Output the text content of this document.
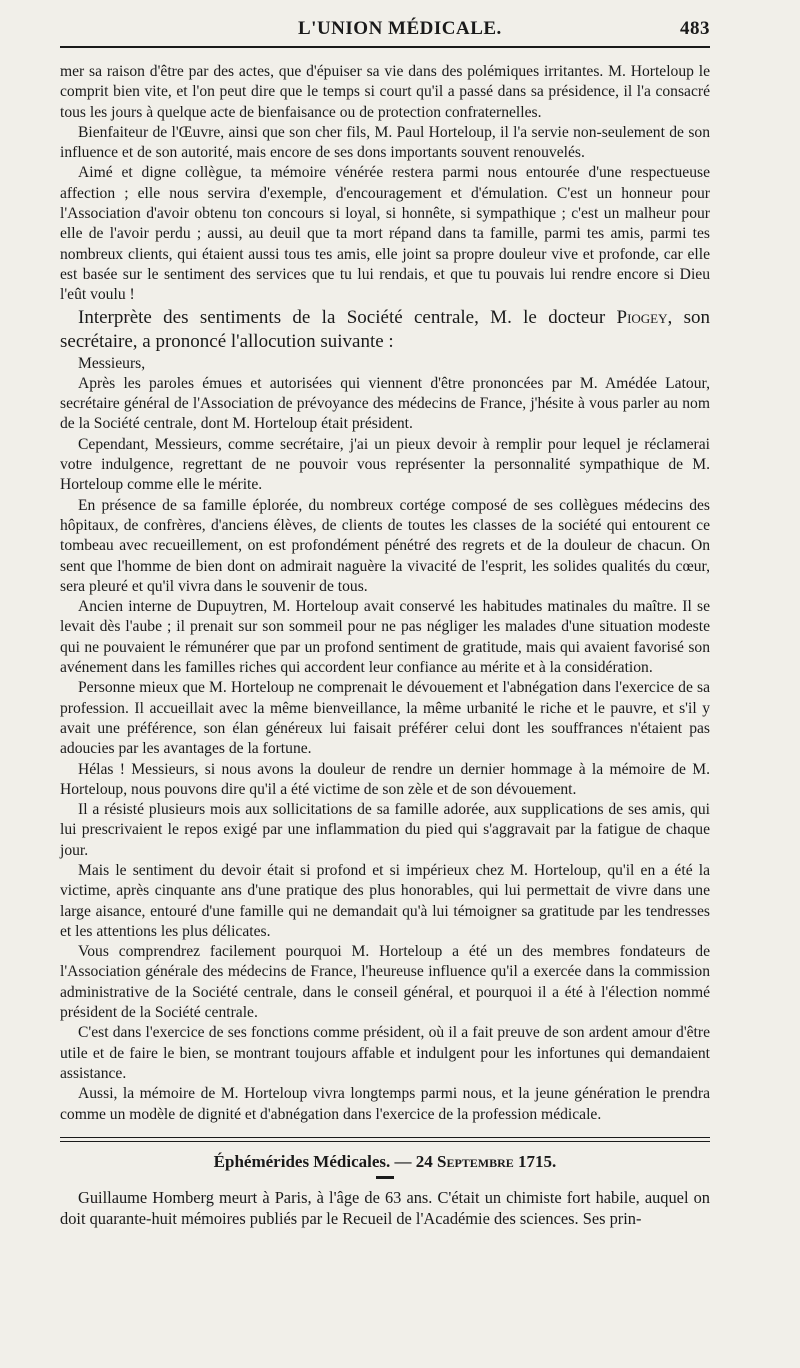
L'UNION MÉDICALE.	483

mer sa raison d'être par des actes, que d'épuiser sa vie dans des polémiques irritantes. M. Horteloup le comprit bien vite, et l'on peut dire que le temps si court qu'il a passé dans sa présidence, il l'a consacré tous les jours à quelque acte de bienfaisance ou de protection confraternelles.

Bienfaiteur de l'Œuvre, ainsi que son cher fils, M. Paul Horteloup, il l'a servie non-seulement de son influence et de son autorité, mais encore de ses dons importants souvent renouvelés.

Aimé et digne collègue, ta mémoire vénérée restera parmi nous entourée d'une respectueuse affection ; elle nous servira d'exemple, d'encouragement et d'émulation. C'est un honneur pour l'Association d'avoir obtenu ton concours si loyal, si honnête, si sympathique ; c'est un malheur pour elle de l'avoir perdu ; aussi, au deuil que ta mort répand dans ta famille, parmi tes amis, parmi tes nombreux clients, qui étaient aussi tous tes amis, elle joint sa propre douleur vive et profonde, car elle est basée sur le sentiment des services que tu lui rendais, et que tu pouvais lui rendre encore si Dieu l'eût voulu !

Interprète des sentiments de la Société centrale, M. le docteur Piogey, son secrétaire, a prononcé l'allocution suivante :

Messieurs,

Après les paroles émues et autorisées qui viennent d'être prononcées par M. Amédée Latour, secrétaire général de l'Association de prévoyance des médecins de France, j'hésite à vous parler au nom de la Société centrale, dont M. Horteloup était président.

Cependant, Messieurs, comme secrétaire, j'ai un pieux devoir à remplir pour lequel je réclamerai votre indulgence, regrettant de ne pouvoir vous représenter la personnalité sympathique de M. Horteloup comme elle le mérite.

En présence de sa famille éplorée, du nombreux cortége composé de ses collègues médecins des hôpitaux, de confrères, d'anciens élèves, de clients de toutes les classes de la société qui entourent ce tombeau avec recueillement, on est profondément pénétré des regrets et de la douleur de chacun. On sent que l'homme de bien dont on admirait naguère la vivacité de l'esprit, les solides qualités du cœur, sera pleuré et qu'il vivra dans le souvenir de tous.

Ancien interne de Dupuytren, M. Horteloup avait conservé les habitudes matinales du maître. Il se levait dès l'aube ; il prenait sur son sommeil pour ne pas négliger les malades d'une situation modeste qui ne pouvaient le rémunérer que par un profond sentiment de gratitude, mais qui avaient favorisé son avénement dans les familles riches qui accordent leur confiance au mérite et à la considération.

Personne mieux que M. Horteloup ne comprenait le dévouement et l'abnégation dans l'exercice de sa profession. Il accueillait avec la même bienveillance, la même urbanité le riche et le pauvre, et s'il y avait une préférence, son élan généreux lui faisait préférer celui dont les souffrances n'étaient pas adoucies par les avantages de la fortune.

Hélas ! Messieurs, si nous avons la douleur de rendre un dernier hommage à la mémoire de M. Horteloup, nous pouvons dire qu'il a été victime de son zèle et de son dévouement.

Il a résisté plusieurs mois aux sollicitations de sa famille adorée, aux supplications de ses amis, qui lui prescrivaient le repos exigé par une inflammation du pied qui s'aggravait par la fatigue de chaque jour.

Mais le sentiment du devoir était si profond et si impérieux chez M. Horteloup, qu'il en a été la victime, après cinquante ans d'une pratique des plus honorables, qui lui permettait de vivre dans une large aisance, entouré d'une famille qui ne demandait qu'à lui témoigner sa gratitude par les tendresses et les attentions les plus délicates.

Vous comprendrez facilement pourquoi M. Horteloup a été un des membres fondateurs de l'Association générale des médecins de France, l'heureuse influence qu'il a exercée dans la commission administrative de la Société centrale, dans le conseil général, et pourquoi il a été à l'élection nommé président de la Société centrale.

C'est dans l'exercice de ses fonctions comme président, où il a fait preuve de son ardent amour d'être utile et de faire le bien, se montrant toujours affable et indulgent pour les infortunes qui demandaient assistance.

Aussi, la mémoire de M. Horteloup vivra longtemps parmi nous, et la jeune génération le prendra comme un modèle de dignité et d'abnégation dans l'exercice de la profession médicale.

Éphémérides Médicales. — 24 Septembre 1715.

Guillaume Homberg meurt à Paris, à l'âge de 63 ans. C'était un chimiste fort habile, auquel on doit quarante-huit mémoires publiés par le Recueil de l'Académie des sciences. Ses prin-
